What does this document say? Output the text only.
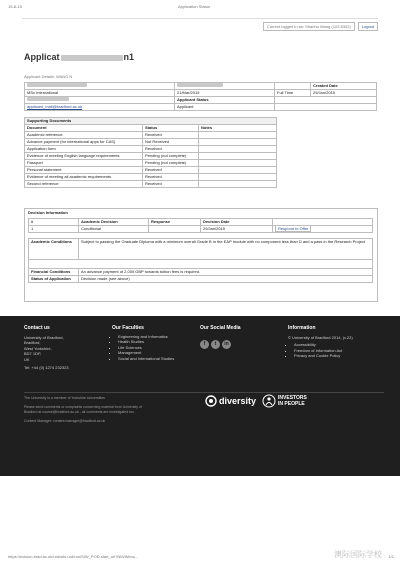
15-8-15	Application Status
Current logged in as: Shanhu Wang (103 8302)	Logout
Applicat	n1
Applicant Details: WANG N
			Created Date
MSc International	21/Mar/2015	Full Time	29/Jan/2015
	Applicant Status		
applicant_mail@bradford.ac.uk	Applicant		
Supporting Documents		
Document	Status	Notes
Academic reference	Received	
Advance payment (for international apps for CAS)	Not Received	
Application form	Received	
Evidence of meeting English language requirements	Pending (not complete)	
Passport	Pending (not complete)	
Personal statement	Received	
Evidence of meeting all academic requirements	Received	
Second reference	Received	
Decision Information
#	Academic Decision	Response	Decision Date	
1	Conditional		29/Jan/2015	Respond to Offer
Academic Conditions	Subject to passing the Graduate Diploma with a minimum overall Grade B in the EAP module with no component less than D and a pass in the Research Project

Financial Conditions	An advance payment of 2,000 GBP towards tuition fees is required.
Status of Application	Decision made (see above)
Contact us
University of Bradford,
Bradford,
West Yorkshire,
BD7 1DP,
UK
Tel: +44 (0) 1274 232323
Our Faculties
▪ Engineering and Informatics
▪ Health Studies
▪ Life Sciences
▪ Management
▪ Social and International Studies
Our Social Media
f t in
Information
© University of Bradford 2014, (v.22)
▪ Accessibility
▪ Freedom of Information Act
▪ Privacy and Cookie Policy
The University is a member of Yorkshire Universities
Please send comments or complaints concerning material from University of
Bradford at course@bradford.ac.uk - all comments are investigated too
Content Manager: content.manager@bradford.ac.uk
diversity	INVESTORS
IN PEOPLE
https://evision.brad.ac.uk/urd/sits.urd/run/SIW_POD.start_url?NM/Wenu...	1/1
澳际国际学校
